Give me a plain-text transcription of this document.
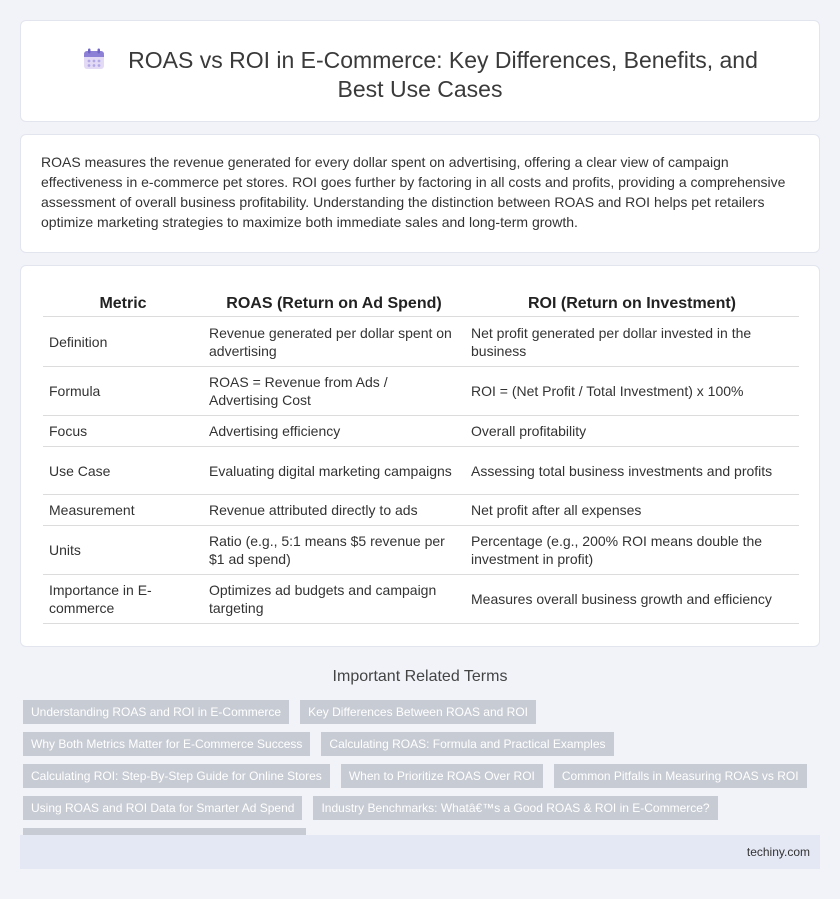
ROAS vs ROI in E-Commerce: Key Differences, Benefits, and Best Use Cases

ROAS measures the revenue generated for every dollar spent on advertising, offering a clear view of campaign effectiveness in e-commerce pet stores. ROI goes further by factoring in all costs and profits, providing a comprehensive assessment of overall business profitability. Understanding the distinction between ROAS and ROI helps pet retailers optimize marketing strategies to maximize both immediate sales and long-term growth.

Metric	ROAS (Return on Ad Spend)	ROI (Return on Investment)
Definition	Revenue generated per dollar spent on advertising	Net profit generated per dollar invested in the business
Formula	ROAS = Revenue from Ads / Advertising Cost	ROI = (Net Profit / Total Investment) x 100%
Focus	Advertising efficiency	Overall profitability
Use Case	Evaluating digital marketing campaigns	Assessing total business investments and profits
Measurement	Revenue attributed directly to ads	Net profit after all expenses
Units	Ratio (e.g., 5:1 means $5 revenue per $1 ad spend)	Percentage (e.g., 200% ROI means double the investment in profit)
Importance in E-commerce	Optimizes ad budgets and campaign targeting	Measures overall business growth and efficiency
Important Related Terms
Understanding ROAS and ROI in E-Commerce	Key Differences Between ROAS and ROI
Why Both Metrics Matter for E-Commerce Success	Calculating ROAS: Formula and Practical Examples
Calculating ROI: Step-By-Step Guide for Online Stores	When to Prioritize ROAS Over ROI	Common Pitfalls in Measuring ROAS vs ROI
Using ROAS and ROI Data for Smarter Ad Spend	Industry Benchmarks: Whatâ€™s a Good ROAS & ROI in E-Commerce?
techiny.com
